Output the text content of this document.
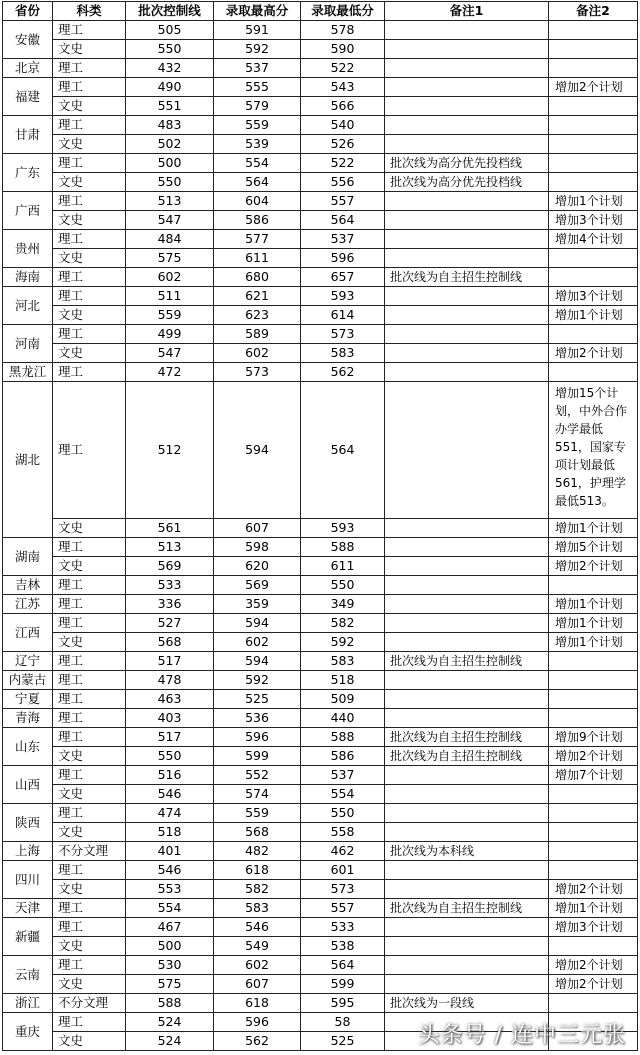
省份	科类	批次控制线	录取最高分	录取最低分	备注1	备注2
安徽	理工	505	591	578		
	文史	550	592	590		
北京	理工	432	537	522		
福建	理工	490	555	543		增加2个计划
	文史	551	579	566		
甘肃	理工	483	559	540		
	文史	502	539	526		
广东	理工	500	554	522	批次线为高分优先投档线	
	文史	550	564	556	批次线为高分优先投档线	
广西	理工	513	604	557		增加1个计划
	文史	547	586	564		增加3个计划
贵州	理工	484	577	537		增加4个计划
	文史	575	611	596		
海南	理工	602	680	657	批次线为自主招生控制线	
河北	理工	511	621	593		增加3个计划
	文史	559	623	614		增加1个计划
河南	理工	499	589	573		
	文史	547	602	583		增加2个计划
黑龙江	理工	472	573	562		
湖北	理工	512	594	564		增加15个计划，中外合作办学最低551，国家专项计划最低561，护理学最低513。
	文史	561	607	593		增加1个计划
湖南	理工	513	598	588		增加5个计划
	文史	569	620	611		增加2个计划
吉林	理工	533	569	550		
江苏	理工	336	359	349		增加1个计划
江西	理工	527	594	582		增加1个计划
	文史	568	602	592		增加1个计划
辽宁	理工	517	594	583	批次线为自主招生控制线	
内蒙古	理工	478	592	518		
宁夏	理工	463	525	509		
青海	理工	403	536	440		
山东	理工	517	596	588	批次线为自主招生控制线	增加9个计划
	文史	550	599	586	批次线为自主招生控制线	增加2个计划
山西	理工	516	552	537		增加7个计划
	文史	546	574	554		
陕西	理工	474	559	550		
	文史	518	568	558		
上海	不分文理	401	482	462	批次线为本科线	
四川	理工	546	618	601		
	文史	553	582	573		增加2个计划
天津	理工	554	583	557	批次线为自主招生控制线	增加1个计划
新疆	理工	467	546	533		增加3个计划
	文史	500	549	538		
云南	理工	530	602	564		增加2个计划
	文史	575	607	599		增加2个计划
浙江	不分文理	588	618	595	批次线为一段线	
重庆	理工	524	596	58		
	文史	524	562	525			头条号 / 连中三元张
